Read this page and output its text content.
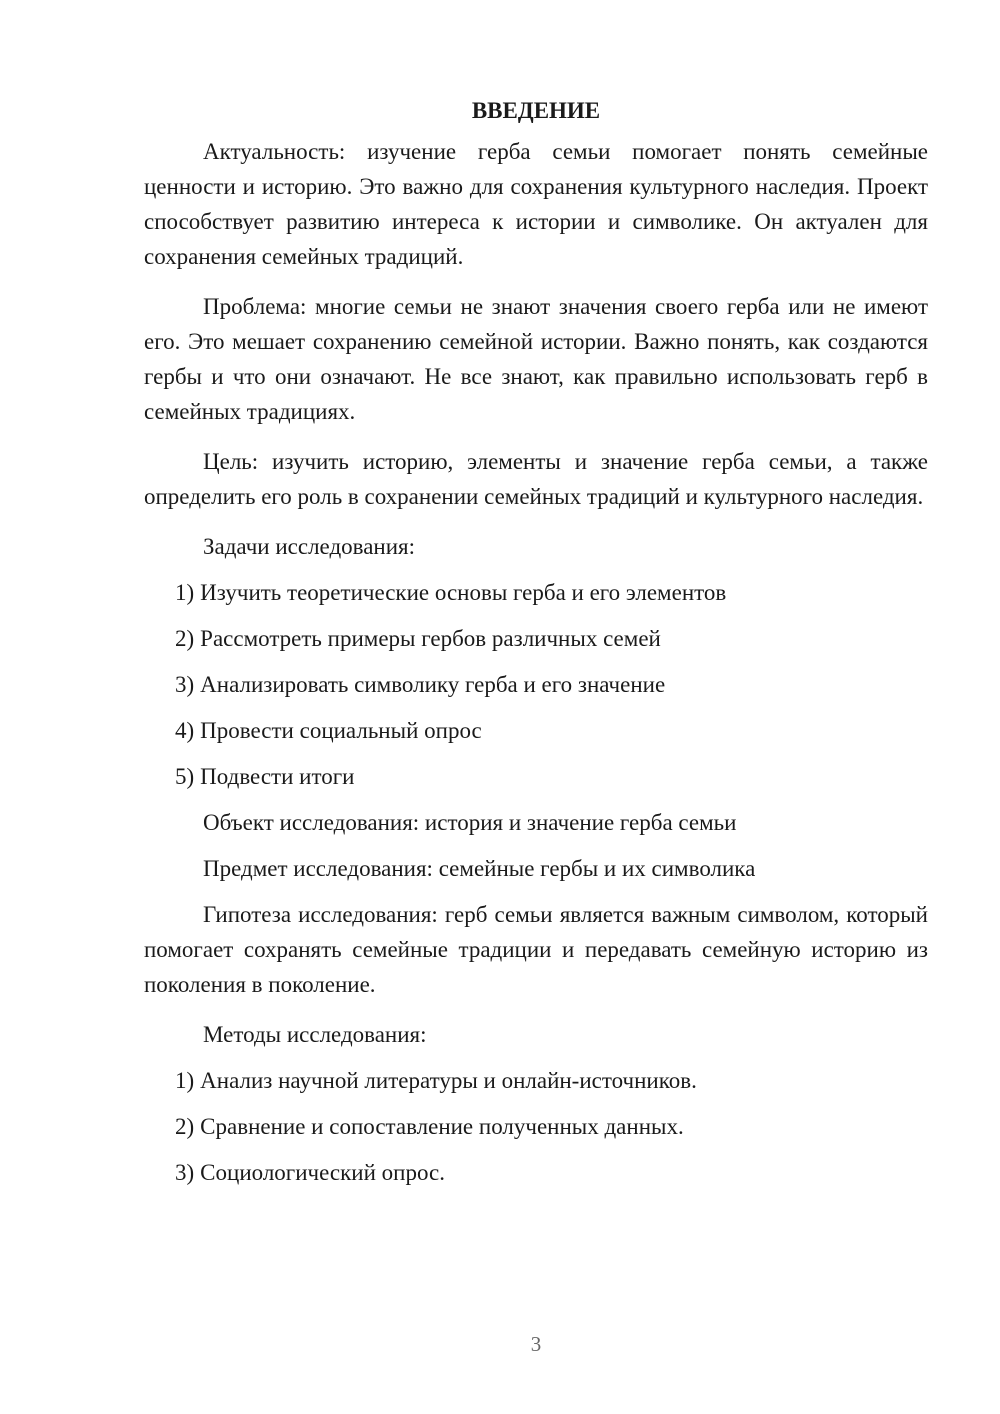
ВВЕДЕНИЕ

Актуальность: изучение герба семьи помогает понять семейные ценности и историю. Это важно для сохранения культурного наследия. Проект способствует развитию интереса к истории и символике. Он актуален для сохранения семейных традиций.

Проблема: многие семьи не знают значения своего герба или не имеют его. Это мешает сохранению семейной истории. Важно понять, как создаются гербы и что они означают. Не все знают, как правильно использовать герб в семейных традициях.

Цель: изучить историю, элементы и значение герба семьи, а также определить его роль в сохранении семейных традиций и культурного наследия.

Задачи исследования:
1) Изучить теоретические основы герба и его элементов
2) Рассмотреть примеры гербов различных семей
3) Анализировать символику герба и его значение
4) Провести социальный опрос
5) Подвести итоги
Объект исследования: история и значение герба семьи
Предмет исследования: семейные гербы и их символика

Гипотеза исследования: герб семьи является важным символом, который помогает сохранять семейные традиции и передавать семейную историю из поколения в поколение.

Методы исследования:
1) Анализ научной литературы и онлайн-источников.
2) Сравнение и сопоставление полученных данных.
3) Социологический опрос.
3
